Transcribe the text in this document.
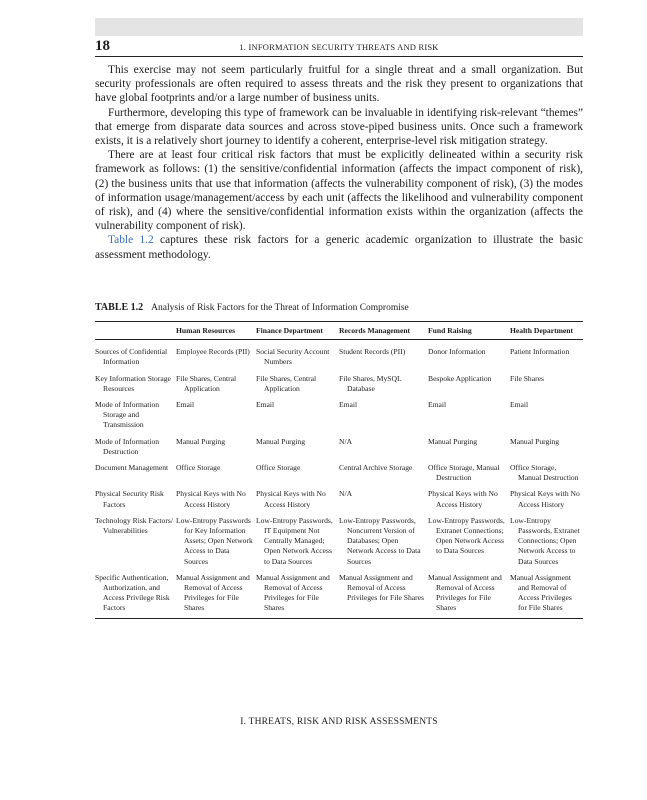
18	1. INFORMATION SECURITY THREATS AND RISK

This exercise may not seem particularly fruitful for a single threat and a small organization. But security professionals are often required to assess threats and the risk they present to organizations that have global footprints and/or a large number of business units.

Furthermore, developing this type of framework can be invaluable in identifying risk-relevant “themes” that emerge from disparate data sources and across stove-piped business units. Once such a framework exists, it is a relatively short journey to identify a coherent, enterprise-level risk mitigation strategy.

There are at least four critical risk factors that must be explicitly delineated within a security risk framework as follows: (1) the sensitive/confidential information (affects the impact component of risk), (2) the business units that use that information (affects the vulnerability component of risk), (3) the modes of information usage/management/access by each unit (affects the likelihood and vulnerability component of risk), and (4) where the sensitive/confidential information exists within the organization (affects the vulnerability component of risk).

Table 1.2 captures these risk factors for a generic academic organization to illustrate the basic assessment methodology.

TABLE 1.2 Analysis of Risk Factors for the Threat of Information Compromise
	Human Resources	Finance Department	Records Management	Fund Raising	Health Department

Sources of Confidential Information	Employee Records (PII)	Social Security Account Numbers	Student Records (PII)	Donor Information	Patient Information

Key Information Storage Resources	File Shares, Central Application	File Shares, Central Application	File Shares, MySQL Database	Bespoke Application	File Shares

Mode of Information Storage and Transmission	Email	Email	Email	Email	Email

Mode of Information Destruction	Manual Purging	Manual Purging	N/A	Manual Purging	Manual Purging

Document Management	Office Storage	Office Storage	Central Archive Storage	Office Storage, Manual Destruction	Office Storage, Manual Destruction

Physical Security Risk Factors	Physical Keys with No Access History	Physical Keys with No Access History	N/A	Physical Keys with No Access History	Physical Keys with No Access History

Technology Risk Factors/ Vulnerabilities	Low-Entropy Passwords for Key Information Assets; Open Network Access to Data Sources	Low-Entropy Passwords, IT Equipment Not Centrally Managed; Open Network Access to Data Sources	Low-Entropy Passwords, Noncurrent Version of Databases; Open Network Access to Data Sources	Low-Entropy Passwords, Extranet Connections; Open Network Access to Data Sources	Low-Entropy Passwords, Extranet Connections; Open Network Access to Data Sources

Specific Authentication, Authorization, and Access Privilege Risk Factors	Manual Assignment and Removal of Access Privileges for File Shares	Manual Assignment and Removal of Access Privileges for File Shares	Manual Assignment and Removal of Access Privileges for File Shares	Manual Assignment and Removal of Access Privileges for File Shares	Manual Assignment and Removal of Access Privileges for File Shares
I. THREATS, RISK AND RISK ASSESSMENTS
